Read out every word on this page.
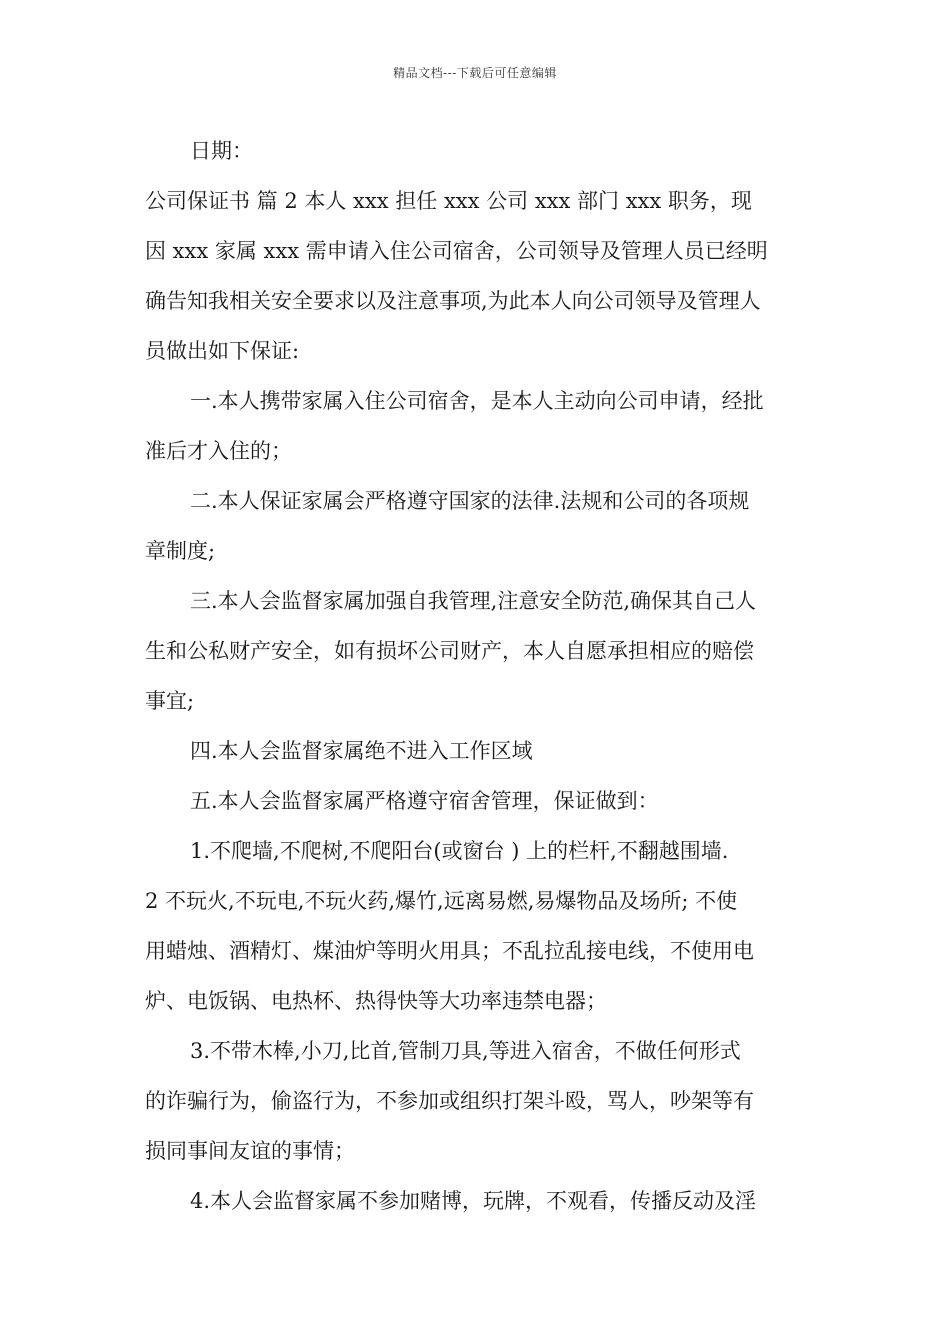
精品文档---下载后可任意编辑
日期：
公司保证书 篇 2 本人 xxx 担任 xxx 公司 xxx 部门 xxx 职务，现
因 xxx 家属 xxx 需申请入住公司宿舍，公司领导及管理人员已经明
确告知我相关安全要求以及注意事项,为此本人向公司领导及管理人
员做出如下保证:
一.本人携带家属入住公司宿舍，是本人主动向公司申请，经批
准后才入住的；
二.本人保证家属会严格遵守国家的法律.法规和公司的各项规
章制度;
三.本人会监督家属加强自我管理,注意安全防范,确保其自己人
生和公私财产安全，如有损坏公司财产，本人自愿承担相应的赔偿
事宜;
四.本人会监督家属绝不进入工作区域
五.本人会监督家属严格遵守宿舍管理，保证做到：
1.不爬墙,不爬树,不爬阳台(或窗台 ) 上的栏杆,不翻越围墙.
2 不玩火,不玩电,不玩火药,爆竹,远离易燃,易爆物品及场所; 不使
用蜡烛、酒精灯、煤油炉等明火用具；不乱拉乱接电线，不使用电
炉、电饭锅、电热杯、热得快等大功率违禁电器；
3.不带木棒,小刀,比首,管制刀具,等进入宿舍，不做任何形式
的诈骗行为，偷盗行为，不参加或组织打架斗殴，骂人，吵架等有
损同事间友谊的事情；
4.本人会监督家属不参加赌博，玩牌，不观看，传播反动及淫
